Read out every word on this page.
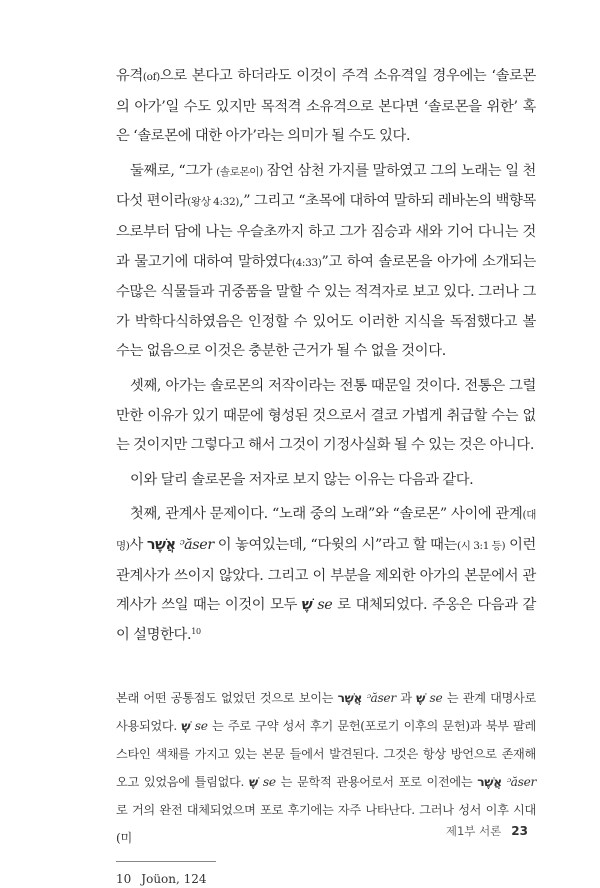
유격(of)으로 본다고 하더라도 이것이 주격 소유격일 경우에는 ‘솔로몬의 아가’일 수도 있지만 목적격 소유격으로 본다면 ‘솔로몬을 위한’ 혹은 ‘솔로몬에 대한 아가’라는 의미가 될 수도 있다.

둘째로, “그가 (솔로몬이) 잠언 삼천 가지를 말하였고 그의 노래는 일 천 다섯 편이라(왕상 4:32),” 그리고 “초목에 대하여 말하되 레바논의 백향목으로부터 담에 나는 우슬초까지 하고 그가 짐승과 새와 기어 다니는 것과 물고기에 대하여 말하였다(4:33)”고 하여 솔로몬을 아가에 소개되는 수많은 식물들과 귀중품을 말할 수 있는 적격자로 보고 있다. 그러나 그가 박학다식하였음은 인정할 수 있어도 이러한 지식을 독점했다고 볼 수는 없음으로 이것은 충분한 근거가 될 수 없을 것이다.

셋째, 아가는 솔로몬의 저작이라는 전통 때문일 것이다. 전통은 그럴 만한 이유가 있기 때문에 형성된 것으로서 결코 가볍게 취급할 수는 없는 것이지만 그렇다고 해서 그것이 기정사실화 될 수 있는 것은 아니다.

이와 달리 솔로몬을 저자로 보지 않는 이유는 다음과 같다.

첫째, 관계사 문제이다. “노래 중의 노래”와 “솔로몬” 사이에 관계(대명)사 אֲשֶׁר ᵓăser 이 놓여있는데, “다윗의 시”라고 할 때는(시 3:1 등) 이런 관계사가 쓰이지 않았다. 그리고 이 부분을 제외한 아가의 본문에서 관계사가 쓰일 때는 이것이 모두 שֶׁ se 로 대체되었다. 주옹은 다음과 같이 설명한다.$^{10}$

본래 어떤 공통점도 없었던 것으로 보이는 אֲשֶׁר ᵓăser 과 שֶׁ se 는 관계 대명사로 사용되었다. שֶׁ se 는 주로 구약 성서 후기 문헌(포로기 이후의 문헌)과 북부 팔레스타인 색채를 가지고 있는 본문 들에서 발견된다. 그것은 항상 방언으로 존재해 오고 있었음에 틀림없다. שֶׁ se 는 문학적 관용어로서 포로 이전에는 אֲשֶׁר ᵓăser 로 거의 완전 대체되었으며 포로 후기에는 자주 나타난다. 그러나 성서 이후 시대(미

10 Joüon, 124
제1부 서론 23
